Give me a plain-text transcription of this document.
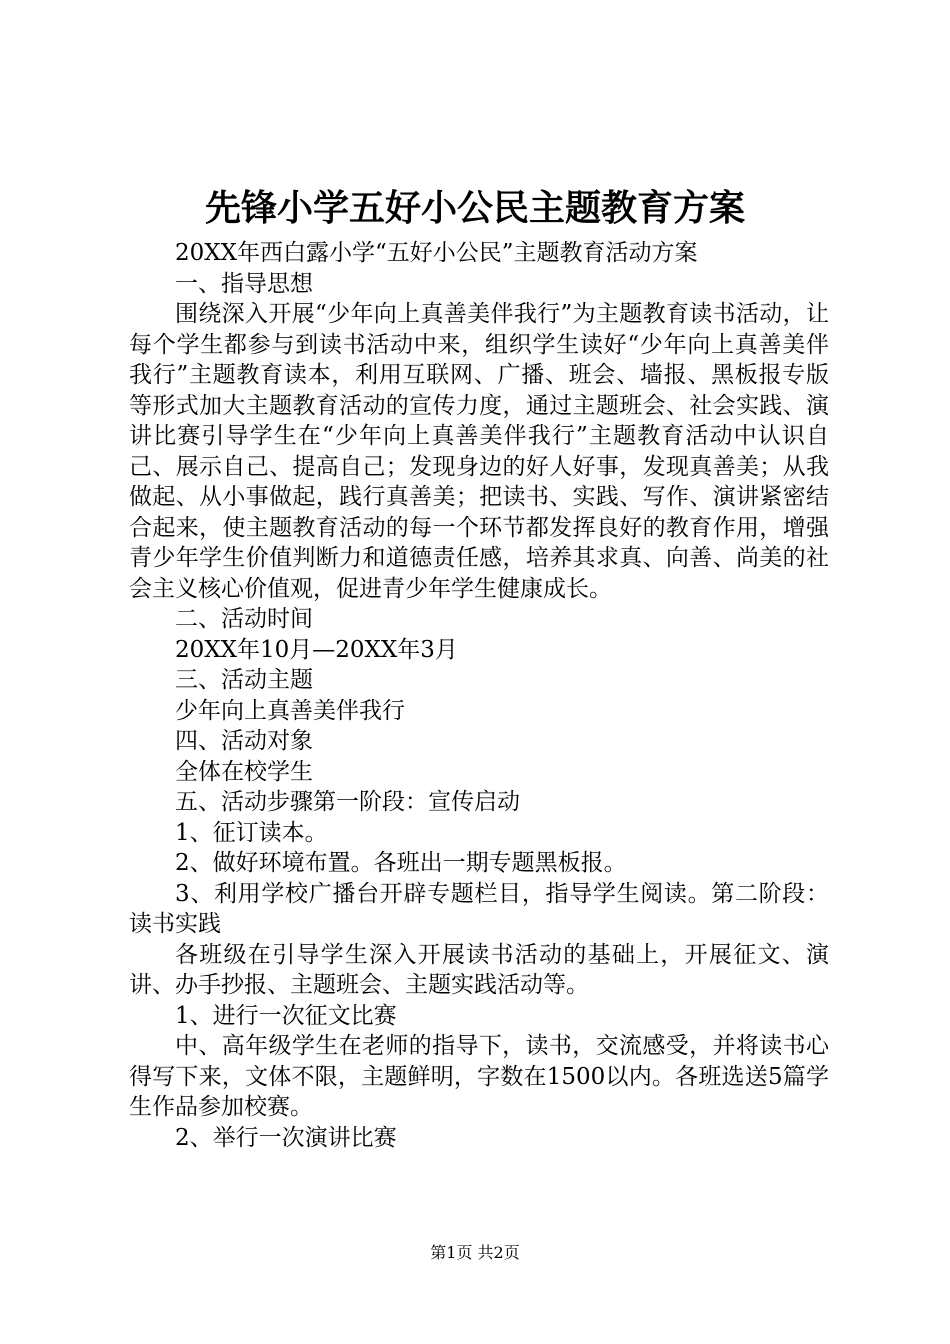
先锋小学五好小公民主题教育方案

20XX年西白露小学“五好小公民”主题教育活动方案

一、指导思想

围绕深入开展“少年向上真善美伴我行”为主题教育读书活动，让每个学生都参与到读书活动中来，组织学生读好“少年向上真善美伴我行”主题教育读本，利用互联网、广播、班会、墙报、黑板报专版等形式加大主题教育活动的宣传力度，通过主题班会、社会实践、演讲比赛引导学生在“少年向上真善美伴我行”主题教育活动中认识自己、展示自己、提高自己；发现身边的好人好事，发现真善美；从我做起、从小事做起，践行真善美；把读书、实践、写作、演讲紧密结合起来，使主题教育活动的每一个环节都发挥良好的教育作用，增强青少年学生价值判断力和道德责任感，培养其求真、向善、尚美的社会主义核心价值观，促进青少年学生健康成长。

二、活动时间

20XX年10月—20XX年3月

三、活动主题

少年向上真善美伴我行

四、活动对象

全体在校学生

五、活动步骤第一阶段：宣传启动

1、征订读本。

2、做好环境布置。各班出一期专题黑板报。

3、利用学校广播台开辟专题栏目，指导学生阅读。第二阶段：读书实践

各班级在引导学生深入开展读书活动的基础上，开展征文、演讲、办手抄报、主题班会、主题实践活动等。

1、进行一次征文比赛

中、高年级学生在老师的指导下，读书，交流感受，并将读书心得写下来，文体不限，主题鲜明，字数在1500以内。各班选送5篇学生作品参加校赛。

2、举行一次演讲比赛

第1页 共2页
